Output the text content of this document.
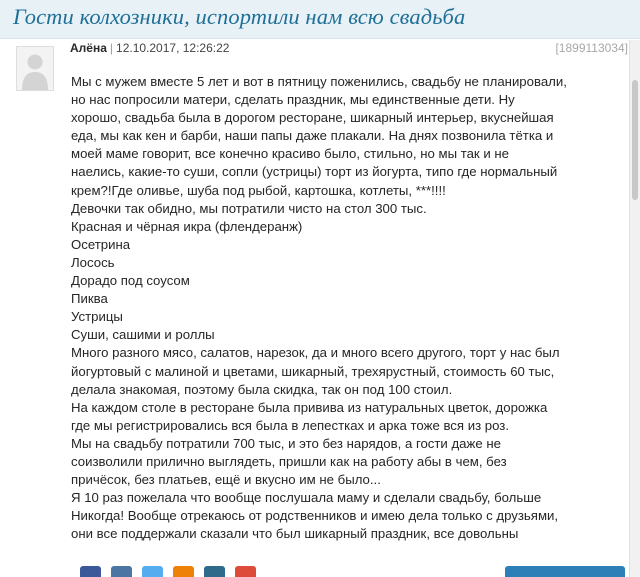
Гости колхозники, испортили нам всю свадьба
Алёна | 12.10.2017, 12:26:22	[1899113034]
Мы с мужем вместе 5 лет и вот в пятницу поженились, свадьбу не планировали,
но нас попросили матери, сделать праздник, мы единственные дети. Ну
хорошо, свадьба была в дорогом ресторане, шикарный интерьер, вкуснейшая
еда, мы как кен и барби, наши папы даже плакали. На днях позвонила тётка и
моей маме говорит, все конечно красиво было, стильно, но мы так и не
наелись, какие-то суши, сопли (устрицы) торт из йогурта, типо где нормальный
крем?!Где оливье, шуба под рыбой, картошка, котлеты, ***!!!!
Девочки так обидно, мы потратили чисто на стол 300 тыс.
Красная и чёрная икра (флендеранж)
Осетрина
Лосось
Дорадо под соусом
Пиква
Устрицы
Суши, сашими и роллы
Много разного мясо, салатов, нарезок, да и много всего другого, торт у нас был
йогуртовый с малиной и цветами, шикарный, трехярустный, стоимость 60 тыс,
делала знакомая, поэтому была скидка, так он под 100 стоил.
На каждом столе в ресторане была привива из натуральных цветок, дорожка
где мы регистрировались вся была в лепестках и арка тоже вся из роз.
Мы на свадьбу потратили 700 тыс, и это без нарядов, а гости даже не
соизволили прилично выглядеть, пришли как на работу абы в чем, без
причёсок, без платьев, ещё и вкусно им не было...
Я 10 раз пожелала что вообще послушала маму и сделали свадьбу, больше
Никогда! Вообще отрекаюсь от родственников и имею дела только с друзьями,
они все поддержали сказали что был шикарный праздник, все довольны
